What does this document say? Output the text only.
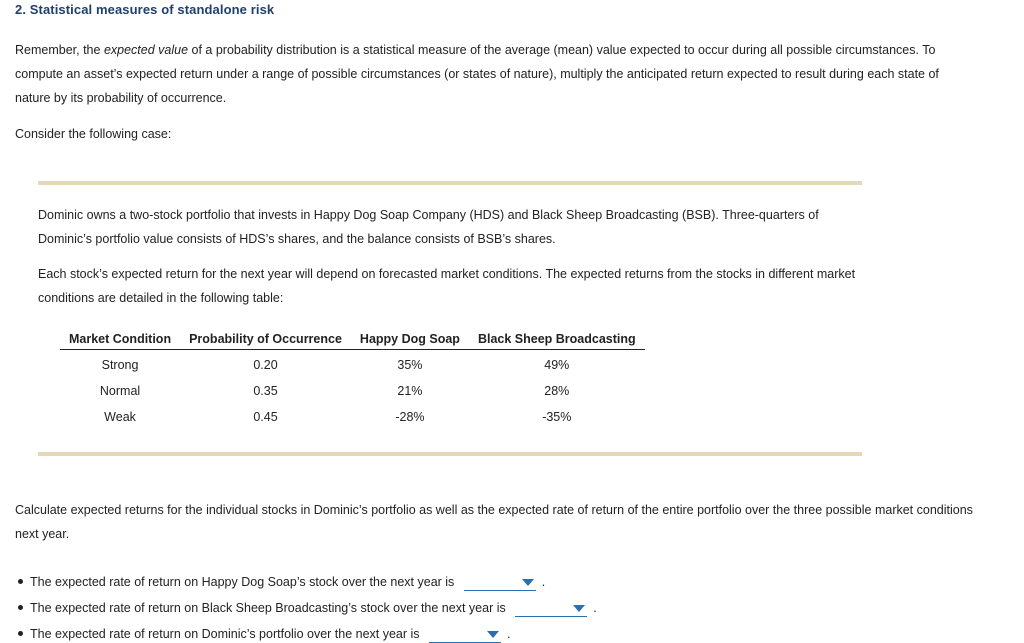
2. Statistical measures of standalone risk

Remember, the expected value of a probability distribution is a statistical measure of the average (mean) value expected to occur during all possible circumstances. To compute an asset’s expected return under a range of possible circumstances (or states of nature), multiply the anticipated return expected to result during each state of nature by its probability of occurrence.

Consider the following case:

Dominic owns a two-stock portfolio that invests in Happy Dog Soap Company (HDS) and Black Sheep Broadcasting (BSB). Three-quarters of Dominic’s portfolio value consists of HDS’s shares, and the balance consists of BSB’s shares.

Each stock’s expected return for the next year will depend on forecasted market conditions. The expected returns from the stocks in different market conditions are detailed in the following table:

Market Condition	Probability of Occurrence	Happy Dog Soap	Black Sheep Broadcasting
Strong	0.20	35%	49%
Normal	0.35	21%	28%
Weak	0.45	-28%	-35%

Calculate expected returns for the individual stocks in Dominic’s portfolio as well as the expected rate of return of the entire portfolio over the three possible market conditions next year.

The expected rate of return on Happy Dog Soap’s stock over the next year is	.
The expected rate of return on Black Sheep Broadcasting’s stock over the next year is	.
The expected rate of return on Dominic’s portfolio over the next year is	.
